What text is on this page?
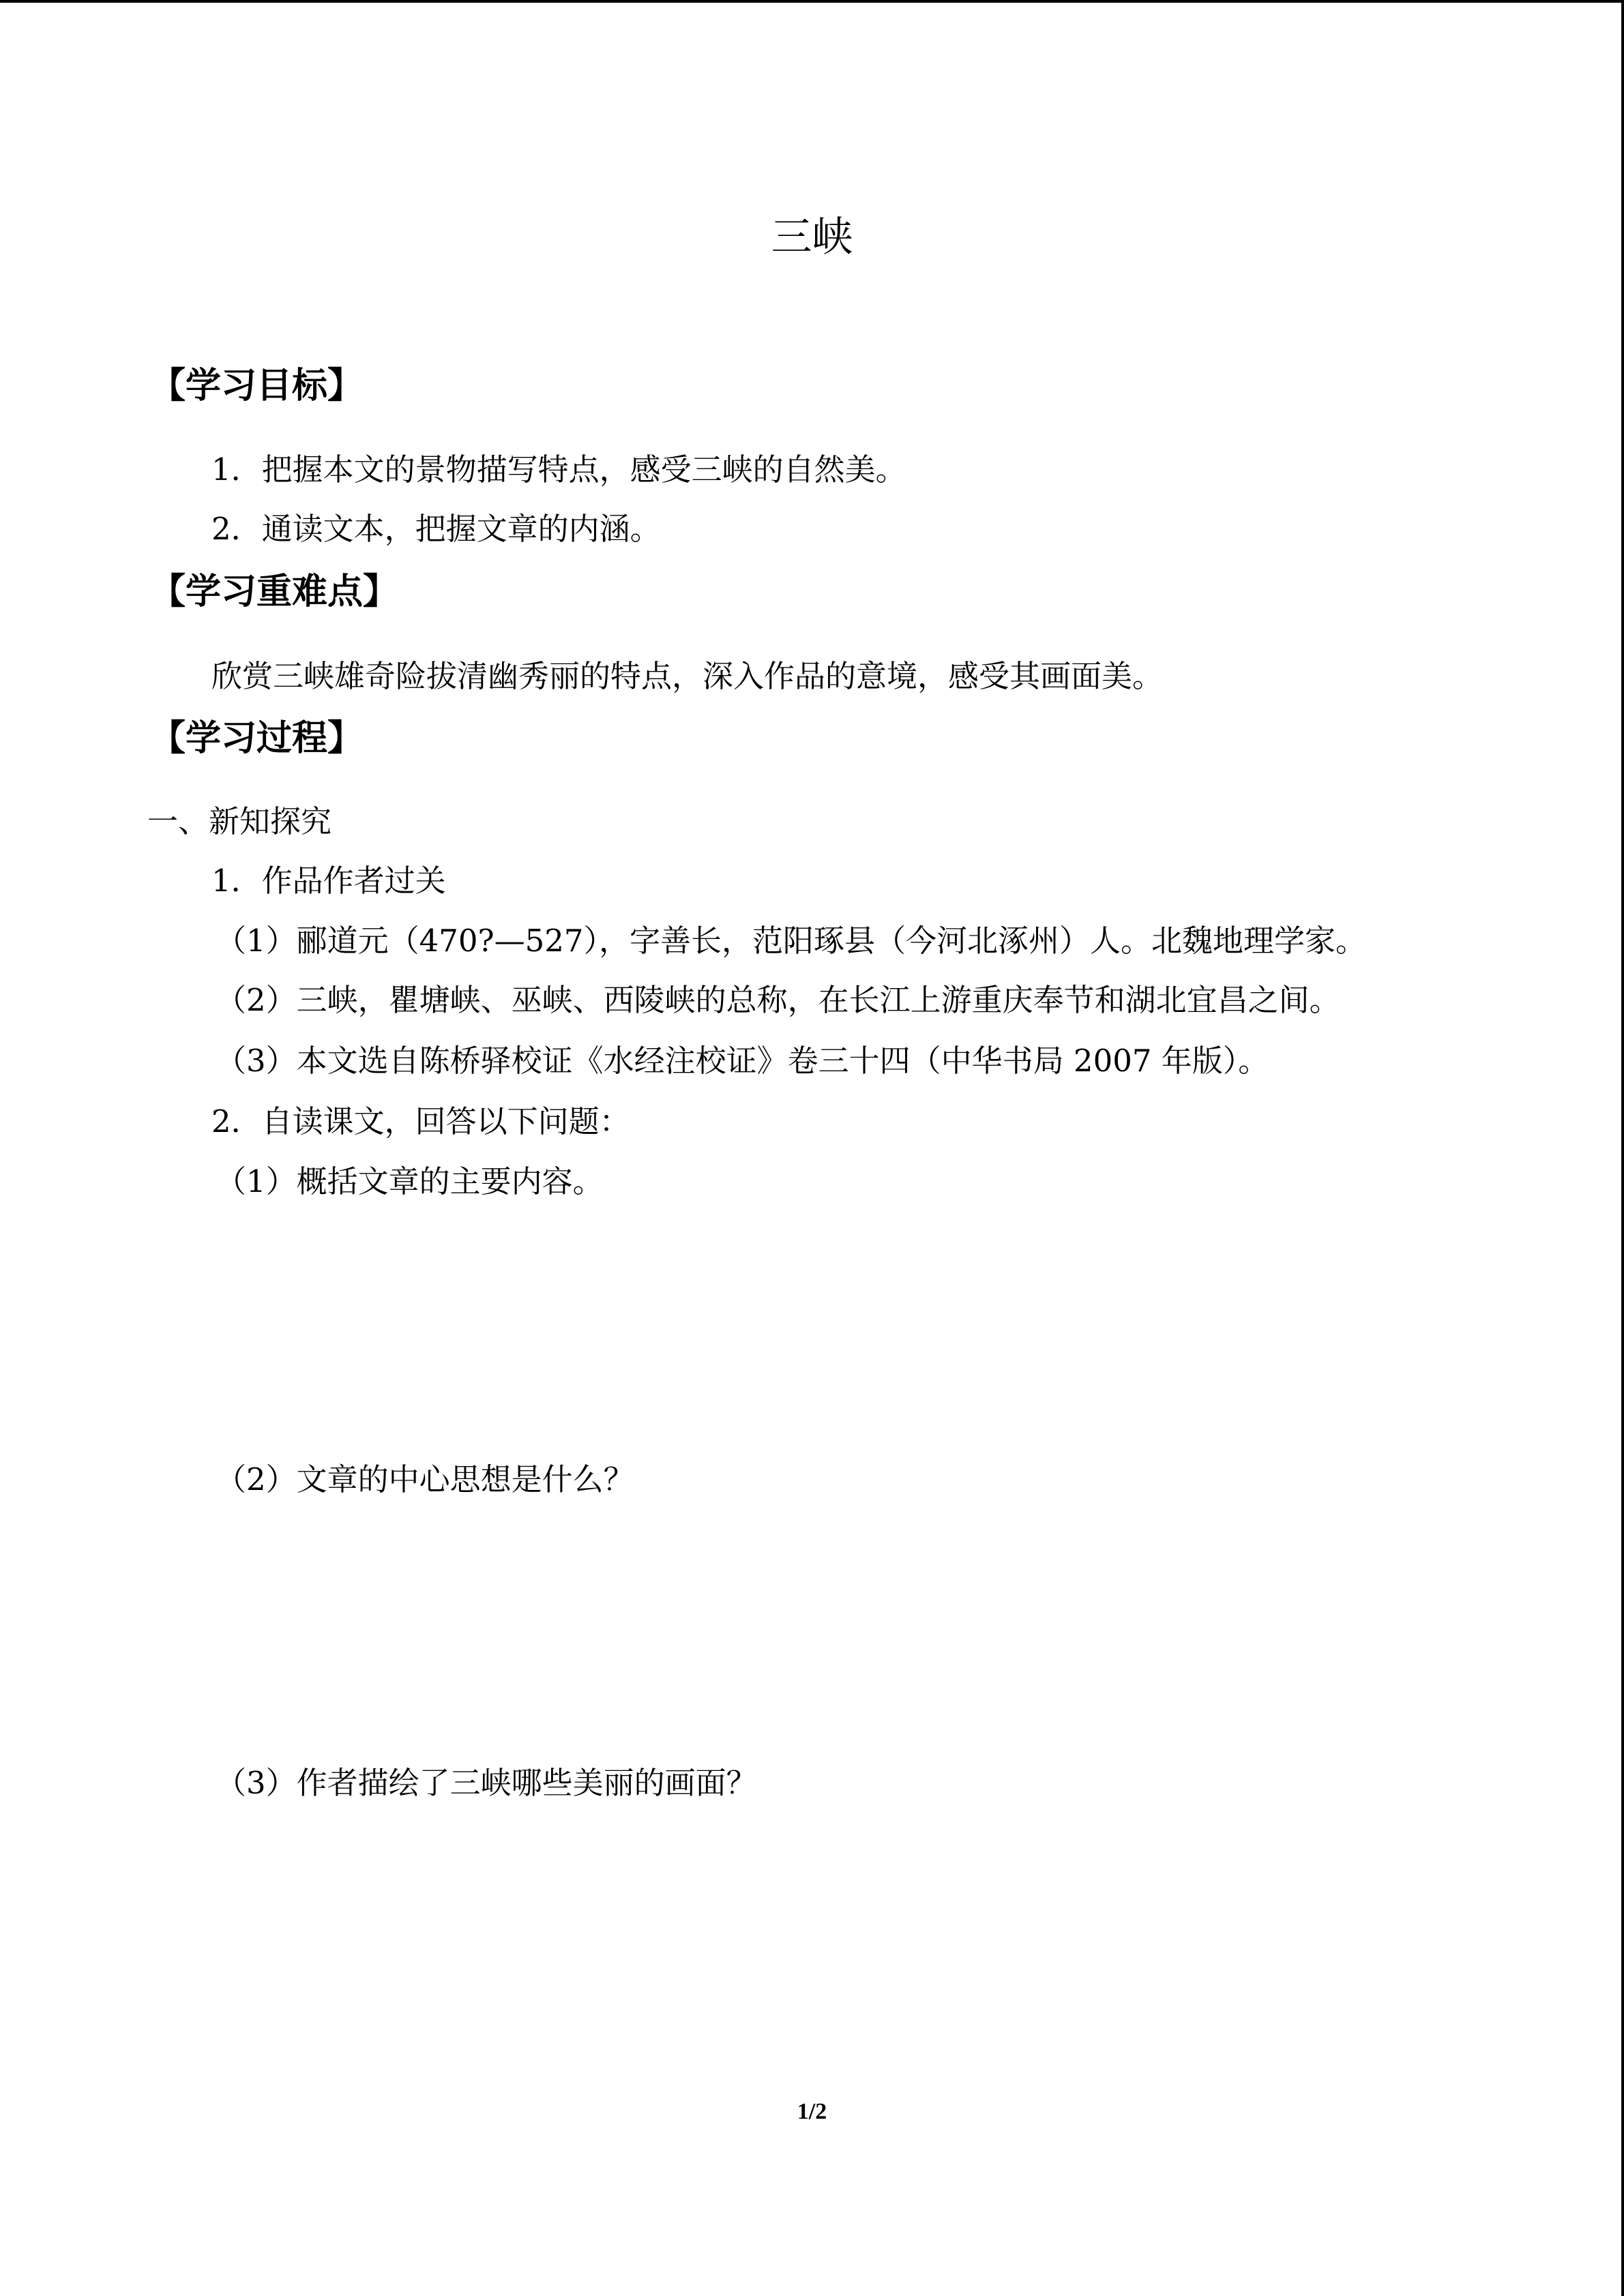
三峡
【学习目标】
1．把握本文的景物描写特点，感受三峡的自然美。
2．通读文本，把握文章的内涵。
【学习重难点】
欣赏三峡雄奇险拔清幽秀丽的特点，深入作品的意境，感受其画面美。
【学习过程】
一、新知探究
1．作品作者过关
（1）郦道元（470?—527），字善长，范阳琢县（今河北涿州）人。北魏地理学家。
（2）三峡，瞿塘峡、巫峡、西陵峡的总称，在长江上游重庆奉节和湖北宜昌之间。
（3）本文选自陈桥驿校证《水经注校证》卷三十四（中华书局 2007 年版）。
2．自读课文，回答以下问题：
（1）概括文章的主要内容。
（2）文章的中心思想是什么？
（3）作者描绘了三峡哪些美丽的画面？
1/2
